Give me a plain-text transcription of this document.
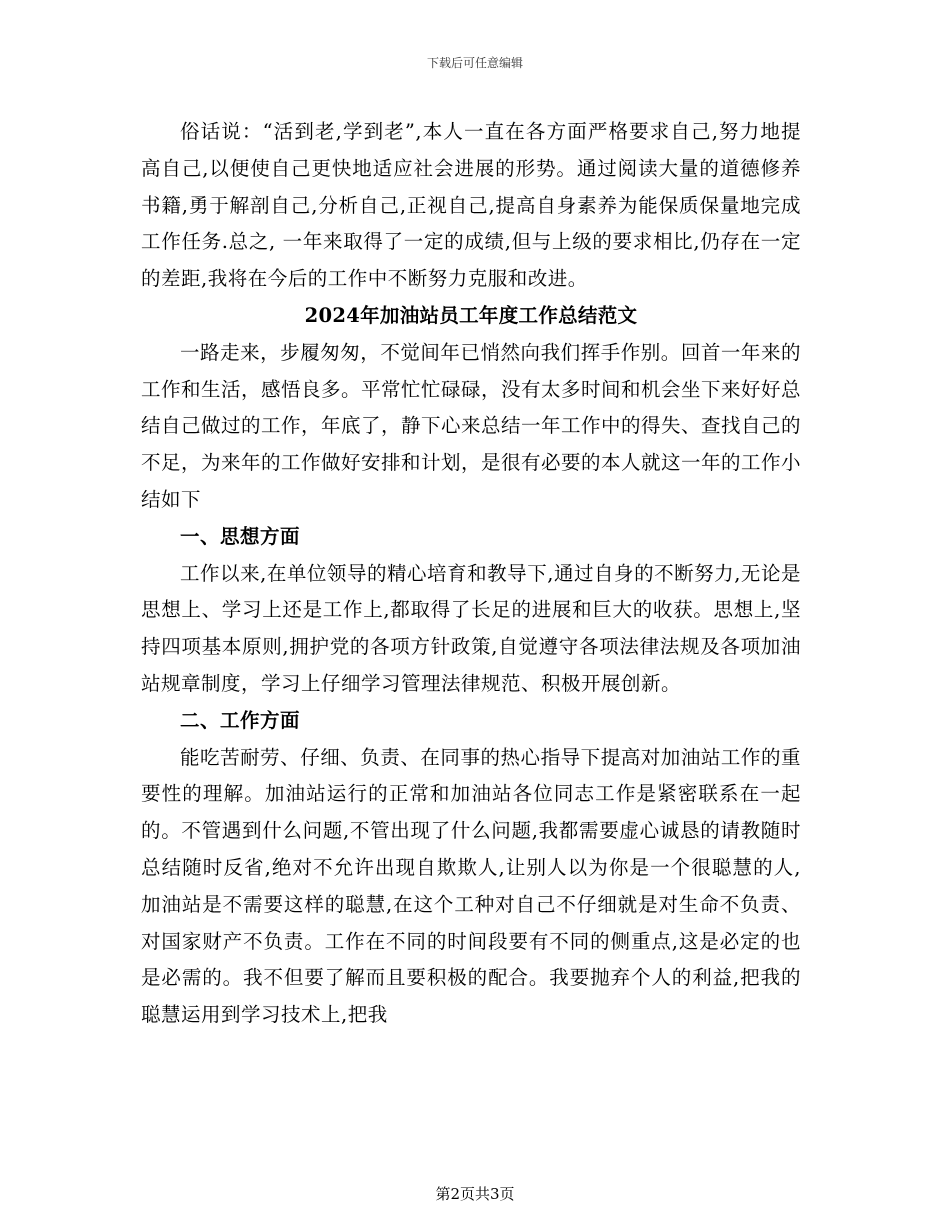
下载后可任意编辑

俗话说：“活到老,学到老”,本人一直在各方面严格要求自己,努力地提高自己,以便使自己更快地适应社会进展的形势。通过阅读大量的道德修养书籍,勇于解剖自己,分析自己,正视自己,提高自身素养为能保质保量地完成工作任务.总之, 一年来取得了一定的成绩,但与上级的要求相比,仍存在一定的差距,我将在今后的工作中不断努力克服和改进。

2024年加油站员工年度工作总结范文

一路走来，步履匆匆，不觉间年已悄然向我们挥手作别。回首一年来的工作和生活，感悟良多。平常忙忙碌碌，没有太多时间和机会坐下来好好总结自己做过的工作，年底了，静下心来总结一年工作中的得失、查找自己的不足，为来年的工作做好安排和计划，是很有必要的本人就这一年的工作小结如下

一、思想方面

工作以来,在单位领导的精心培育和教导下,通过自身的不断努力,无论是思想上、学习上还是工作上,都取得了长足的进展和巨大的收获。思想上,坚持四项基本原则,拥护党的各项方针政策,自觉遵守各项法律法规及各项加油站规章制度，学习上仔细学习管理法律规范、积极开展创新。

二、工作方面

能吃苦耐劳、仔细、负责、在同事的热心指导下提高对加油站工作的重要性的理解。加油站运行的正常和加油站各位同志工作是紧密联系在一起的。不管遇到什么问题,不管出现了什么问题,我都需要虚心诚恳的请教随时总结随时反省,绝对不允许出现自欺欺人,让别人以为你是一个很聪慧的人,加油站是不需要这样的聪慧,在这个工种对自己不仔细就是对生命不负责、对国家财产不负责。工作在不同的时间段要有不同的侧重点,这是必定的也是必需的。我不但要了解而且要积极的配合。我要抛弃个人的利益,把我的聪慧运用到学习技术上,把我

第2页共3页
